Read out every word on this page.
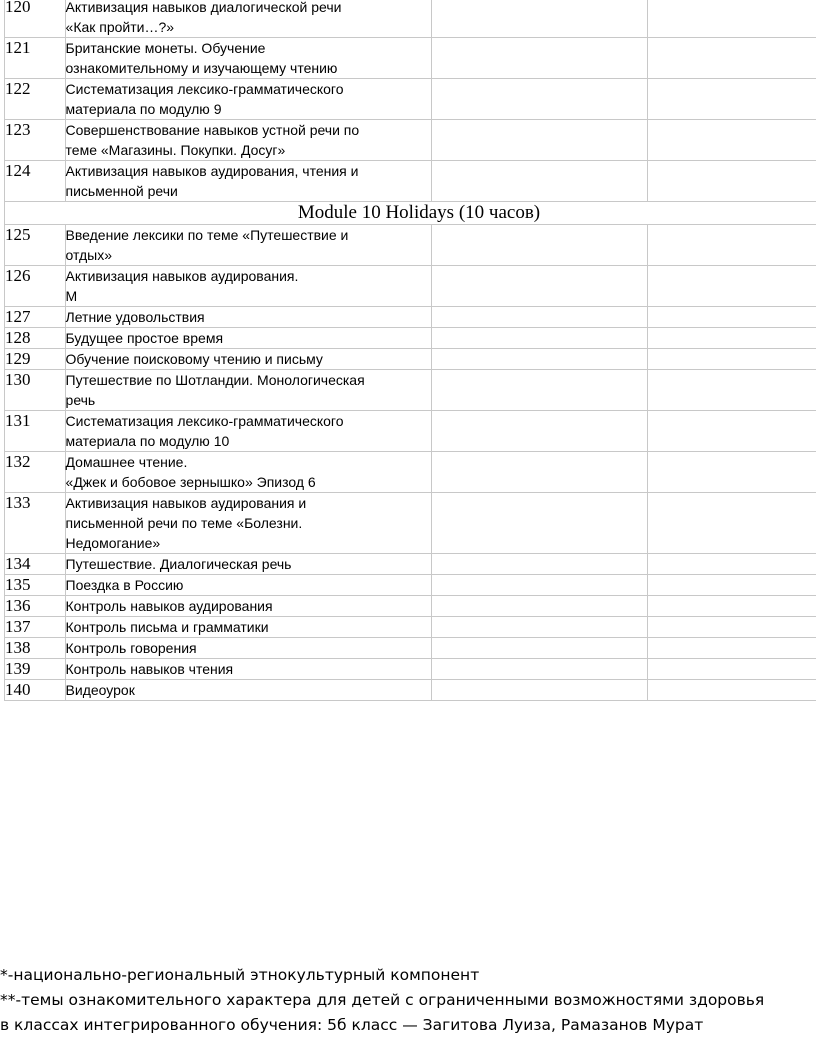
120	Активизация навыков диалогической речи
«Как пройти…?»		
121	Британские монеты. Обучение
ознакомительному и изучающему чтению		
122	Систематизация лексико-грамматического
материала по модулю 9		
123	Совершенствование навыков устной речи по
теме «Магазины. Покупки. Досуг»		
124	Активизация навыков аудирования, чтения и
письменной речи		
Module 10 Holidays (10 часов)			
125	Введение лексики по теме «Путешествие и
отдых»		
126	Активизация навыков аудирования.
М		
127	Летние удовольствия		
128	Будущее простое время		
129	Обучение поисковому чтению и письму		
130	Путешествие по Шотландии. Монологическая
речь		
131	Систематизация лексико-грамматического
материала по модулю 10		
132	Домашнее чтение.
«Джек и бобовое зернышко» Эпизод 6		
133	Активизация навыков аудирования и
письменной речи по теме «Болезни.
Недомогание»		
134	Путешествие. Диалогическая речь		
135	Поездка в Россию		
136	Контроль навыков аудирования		
137	Контроль письма и грамматики		
138	Контроль говорения		
139	Контроль навыков чтения		
140	Видеоурок		
*-национально-региональный этнокультурный компонент
**-темы ознакомительного характера для детей с ограниченными возможностями здоровья
в классах интегрированного обучения: 5б класс — Загитова Луиза, Рамазанов Мурат
